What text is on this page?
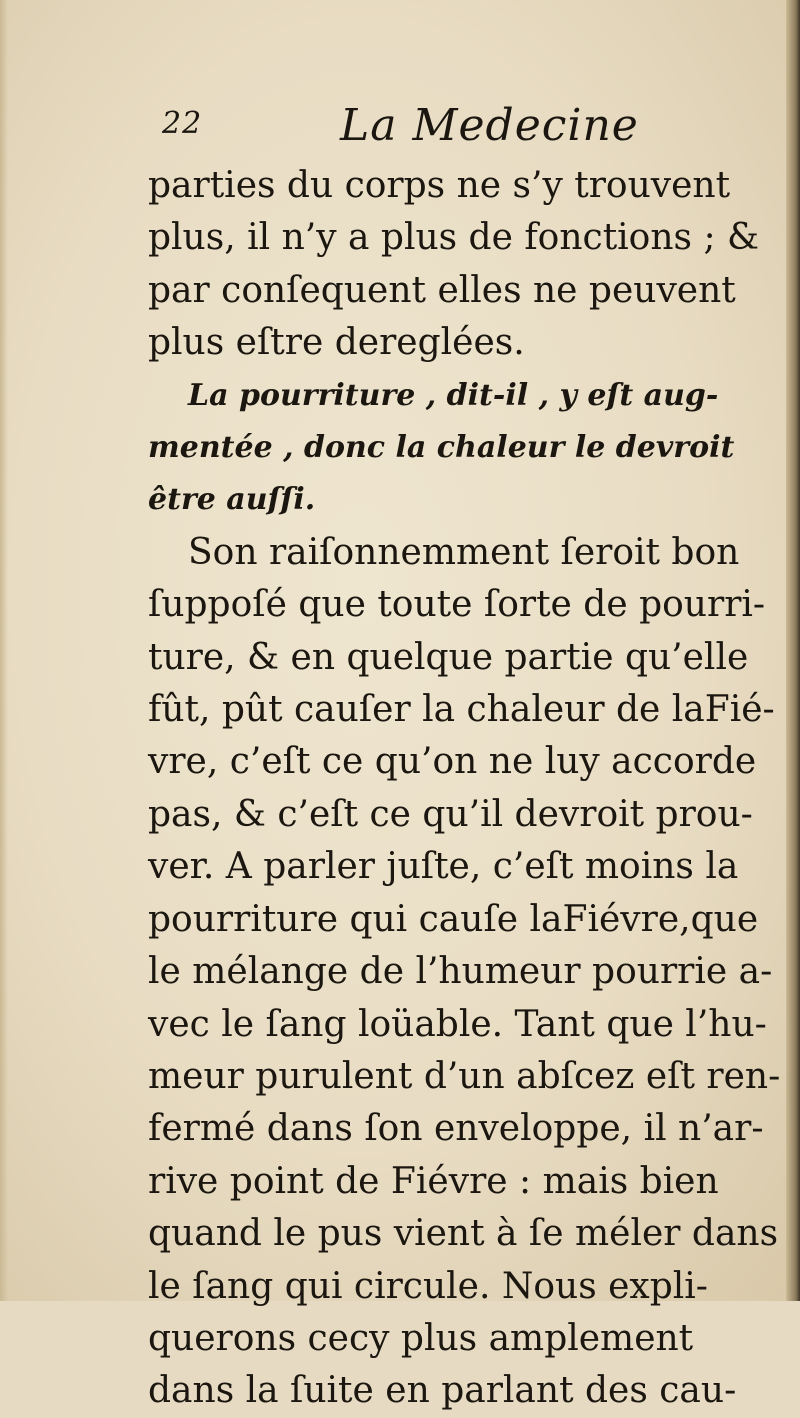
22	La Medecine
parties du corps ne s’y trouvent
plus, il n’y a plus de fonctions ; &
par conſequent elles ne peuvent
plus eſtre dereglées.
La pourriture , dit-il , y eſt aug-
mentée , donc la chaleur le devroit
être auſſi.
Son raiſonnemment ſeroit bon
ſuppoſé que toute ſorte de pourri-
ture, & en quelque partie qu’elle
fût, pût cauſer la chaleur de laFié-
vre, c’eſt ce qu’on ne luy accorde
pas, & c’eſt ce qu’il devroit prou-
ver. A parler juſte, c’eſt moins la
pourriture qui cauſe laFiévre,que
le mélange de l’humeur pourrie a-
vec le ſang loüable. Tant que l’hu-
meur purulent d’un abſcez eſt ren-
fermé dans ſon enveloppe, il n’ar-
rive point de Fiévre : mais bien
quand le pus vient à ſe méler dans
le ſang qui circule. Nous expli-
querons cecy plus amplement
dans la ſuite en parlant des cau-
